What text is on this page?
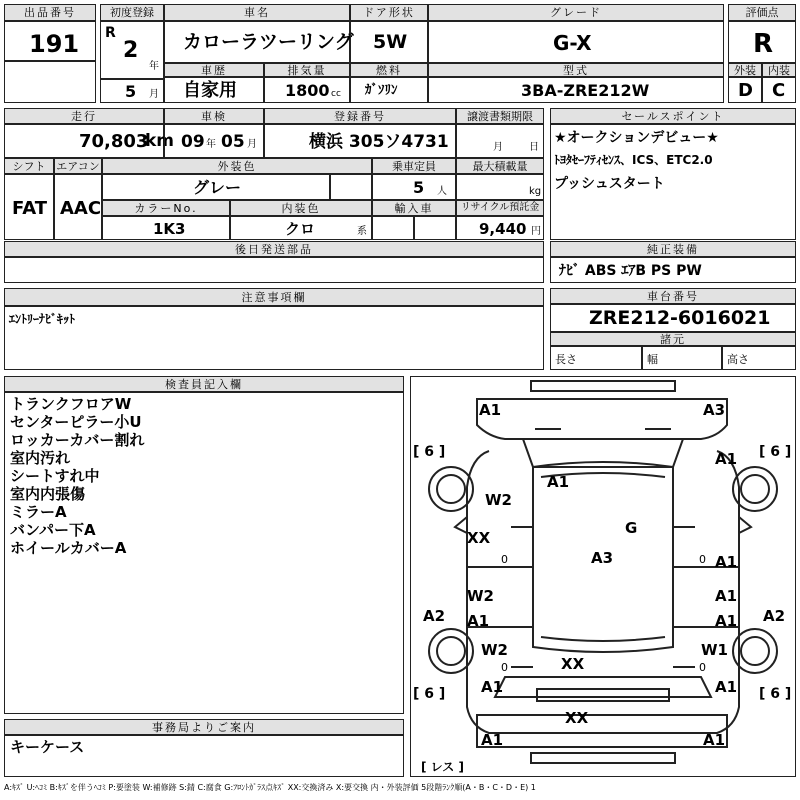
出品番号
191
初度登録
R
2
年
5 月
車名
カローラツーリング
ドア形状
5W
グレード
G-X
評価点
R
車歴
自家用
排気量
1800 cc
燃料
ｶﾞｿﾘﾝ
型式
3BA-ZRE212W
外装
D
内装
C
走行
70,803
km
車検
09 年 05 月
登録番号
横浜 305ソ4731
譲渡書類期限
月	日
セールスポイント
★オークションデビュー★
ﾄﾖﾀｾｰﾌﾃｨｾﾝｽ、ICS、ETC2.0
プッシュスタート
シフト
FAT
エアコン
AAC
外装色
グレー
乗車定員
5 人
最大積載量
kg
カラーNo.
1K3
内装色
クロ	系
輸入車	リサイクル預託金
9,440 円
後日発送部品	純正装備
ﾅﾋﾞ ABS ｴｱB PS PW
注意事項欄
ｴﾝﾄﾘｰﾅﾋﾞｷｯﾄ
車台番号
ZRE212-6016021
諸元
長さ	幅	高さ
検査員記入欄
トランクフロアW
センターピラー小U
ロッカーカバー割れ
室内汚れ
シートすれ中
室内内張傷
ミラーA
バンパー下A
ホイールカバーA
事務局よりご案内
キーケース
A1	A3
A1
W2
A1
XX
G
A3
XX
A1
W2
A1
A1
A2	A2
W2	W1
A1
XX
A1	A1
A1
A1
[ 6 ]	[ 6 ]
[ 6 ]	[ 6 ]
0	0
0	0
[ レス ]
A:ｷｽﾞ U:ﾍｺﾐ B:ｷｽﾞを伴うﾍｺﾐ P:要塗装 W:補修跡 S:錆 C:腐食 G:ﾌﾛﾝﾄｶﾞﾗｽ点ｷｽﾞ XX:交換済み X:要交換 内・外装評価 5段階ﾗﾝｸ順(A・B・C・D・E) 1
